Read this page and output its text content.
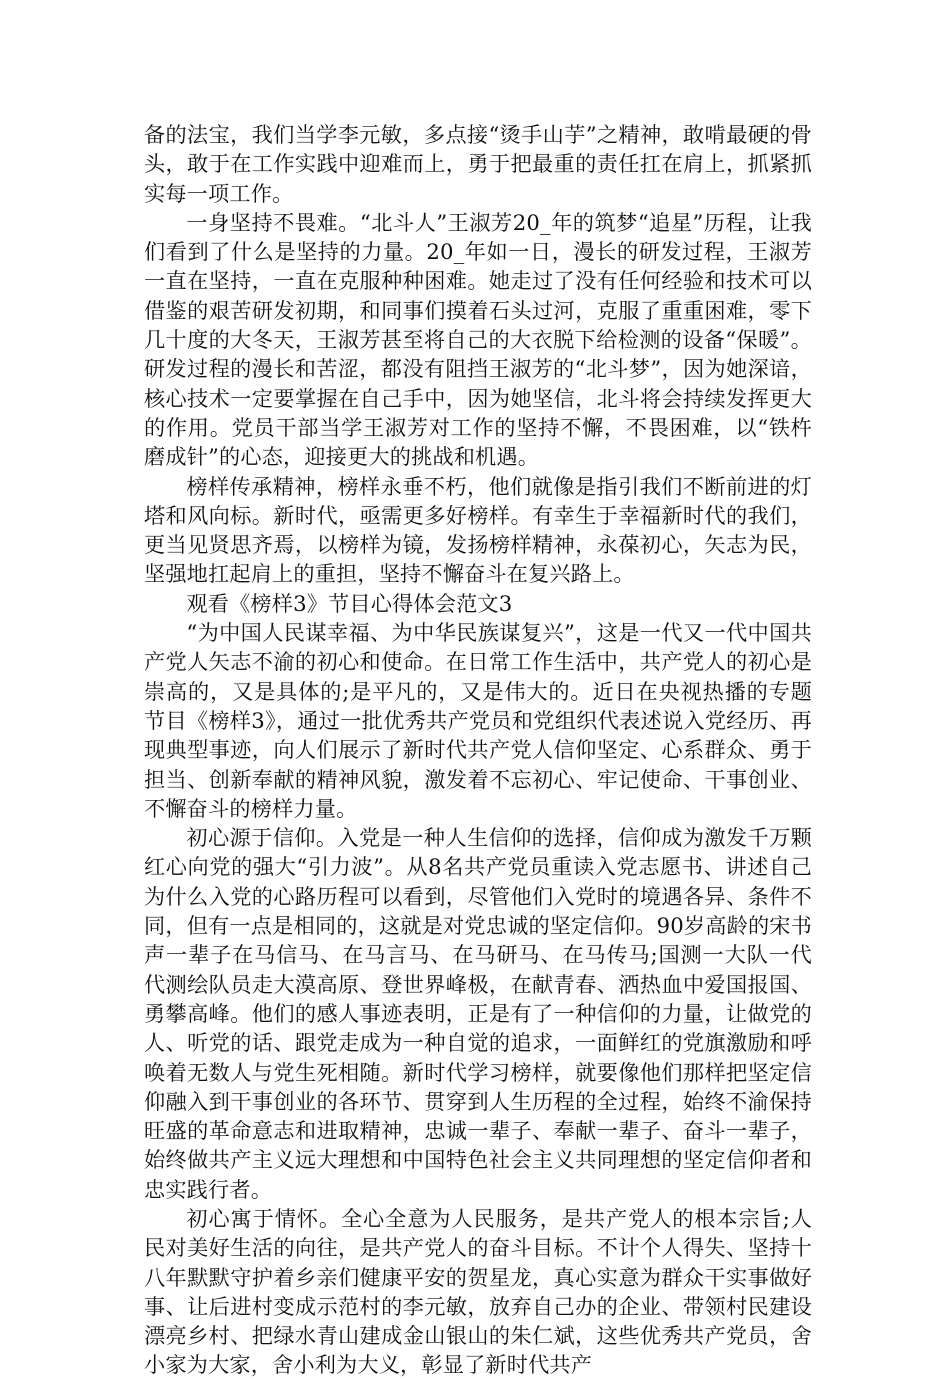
备的法宝，我们当学李元敏，多点接“烫手山芋”之精神，敢啃最硬的骨头，敢于在工作实践中迎难而上，勇于把最重的责任扛在肩上，抓紧抓实每一项工作。

一身坚持不畏难。“北斗人”王淑芳20_年的筑梦“追星”历程，让我们看到了什么是坚持的力量。20_年如一日，漫长的研发过程，王淑芳一直在坚持，一直在克服种种困难。她走过了没有任何经验和技术可以借鉴的艰苦研发初期，和同事们摸着石头过河，克服了重重困难，零下几十度的大冬天，王淑芳甚至将自己的大衣脱下给检测的设备“保暖”。研发过程的漫长和苦涩，都没有阻挡王淑芳的“北斗梦”，因为她深谙，核心技术一定要掌握在自己手中，因为她坚信，北斗将会持续发挥更大的作用。党员干部当学王淑芳对工作的坚持不懈，不畏困难，以“铁杵磨成针”的心态，迎接更大的挑战和机遇。

榜样传承精神，榜样永垂不朽，他们就像是指引我们不断前进的灯塔和风向标。新时代，亟需更多好榜样。有幸生于幸福新时代的我们，更当见贤思齐焉，以榜样为镜，发扬榜样精神，永葆初心，矢志为民，坚强地扛起肩上的重担，坚持不懈奋斗在复兴路上。

观看《榜样3》节目心得体会范文3

“为中国人民谋幸福、为中华民族谋复兴”，这是一代又一代中国共产党人矢志不渝的初心和使命。在日常工作生活中，共产党人的初心是崇高的，又是具体的;是平凡的，又是伟大的。近日在央视热播的专题节目《榜样3》，通过一批优秀共产党员和党组织代表述说入党经历、再现典型事迹，向人们展示了新时代共产党人信仰坚定、心系群众、勇于担当、创新奉献的精神风貌，激发着不忘初心、牢记使命、干事创业、不懈奋斗的榜样力量。

初心源于信仰。入党是一种人生信仰的选择，信仰成为激发千万颗红心向党的强大“引力波”。从8名共产党员重读入党志愿书、讲述自己为什么入党的心路历程可以看到，尽管他们入党时的境遇各异、条件不同，但有一点是相同的，这就是对党忠诚的坚定信仰。90岁高龄的宋书声一辈子在马信马、在马言马、在马研马、在马传马;国测一大队一代代测绘队员走大漠高原、登世界峰极，在献青春、洒热血中爱国报国、勇攀高峰。他们的感人事迹表明，正是有了一种信仰的力量，让做党的人、听党的话、跟党走成为一种自觉的追求，一面鲜红的党旗激励和呼唤着无数人与党生死相随。新时代学习榜样，就要像他们那样把坚定信仰融入到干事创业的各环节、贯穿到人生历程的全过程，始终不渝保持旺盛的革命意志和进取精神，忠诚一辈子、奉献一辈子、奋斗一辈子，始终做共产主义远大理想和中国特色社会主义共同理想的坚定信仰者和忠实践行者。

初心寓于情怀。全心全意为人民服务，是共产党人的根本宗旨;人民对美好生活的向往，是共产党人的奋斗目标。不计个人得失、坚持十八年默默守护着乡亲们健康平安的贺星龙，真心实意为群众干实事做好事、让后进村变成示范村的李元敏，放弃自己办的企业、带领村民建设漂亮乡村、把绿水青山建成金山银山的朱仁斌，这些优秀共产党员，舍小家为大家，舍小利为大义，彰显了新时代共产
